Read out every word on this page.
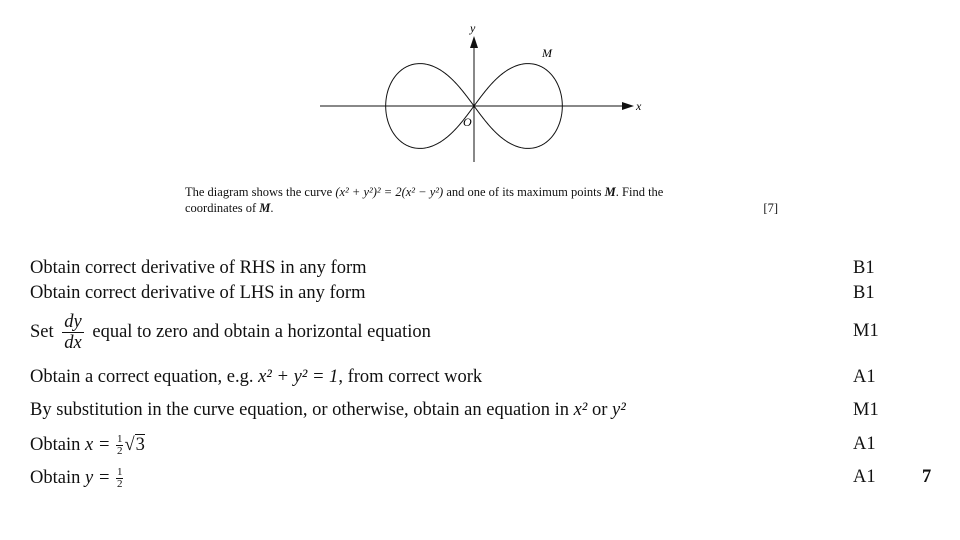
y
x
O
M
The diagram shows the curve (x² + y²)² = 2(x² − y²) and one of its maximum points M. Find the
coordinates of M.	[7]
Obtain correct derivative of RHS in any form	B1
Obtain correct derivative of LHS in any form	B1
Set $\frac{dy}{dx}$ equal to zero and obtain a horizontal equation	M1
Obtain a correct equation, e.g. x² + y² = 1, from correct work	A1
By substitution in the curve equation, or otherwise, obtain an equation in x² or y²	M1
Obtain $x = \frac{1}{2} √3$	A1
Obtain $y = \frac{1}{2}$	A1	7
